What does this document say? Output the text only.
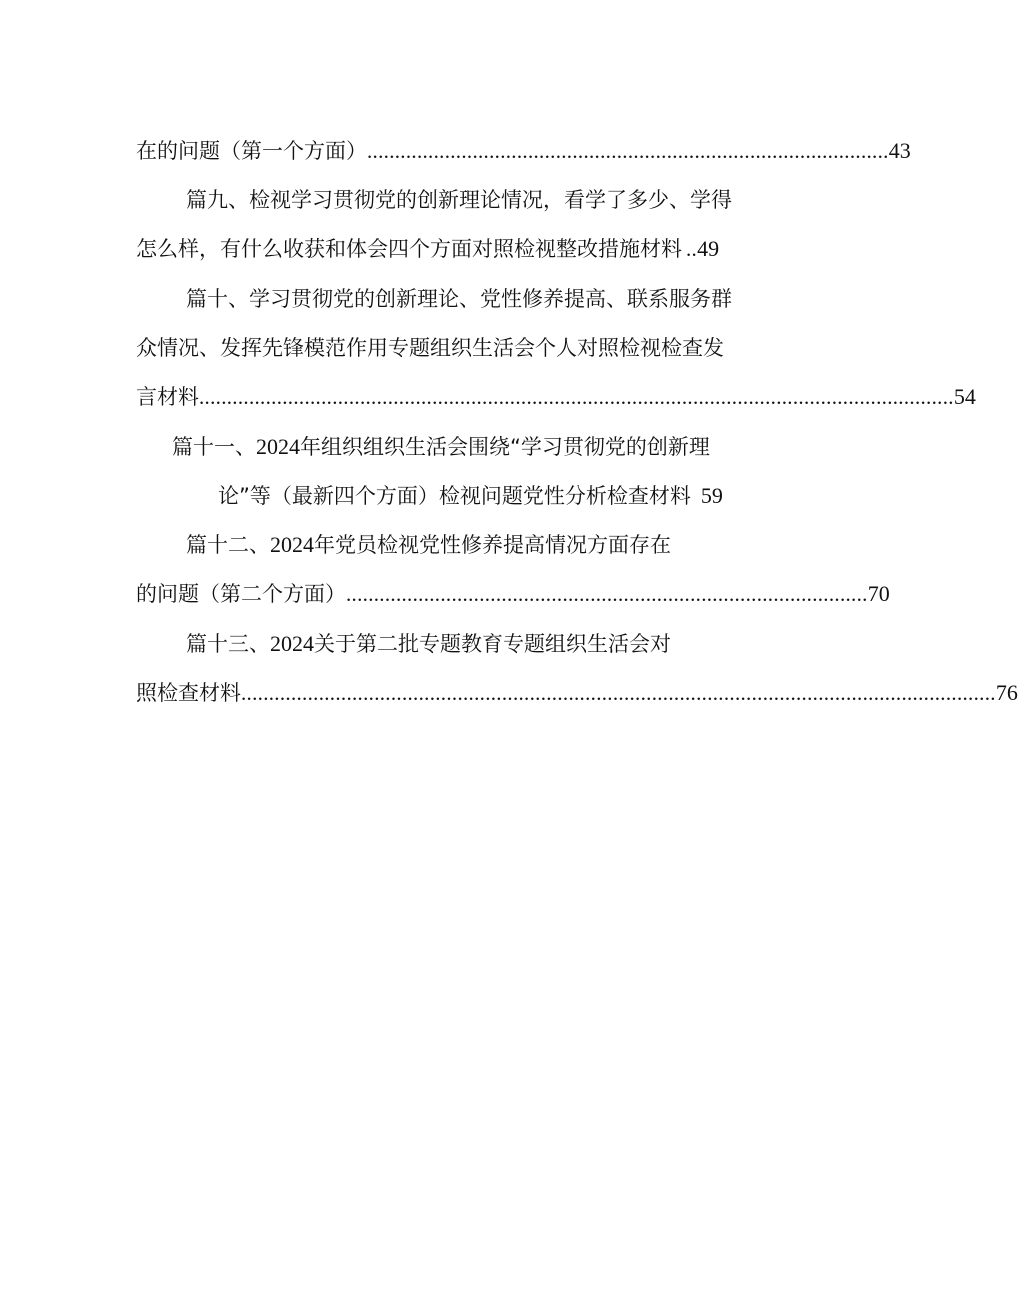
在的问题（第一个方面） .............................................................................................. 43
篇九、检视学习贯彻党的创新理论情况，看学了多少、学得
怎么样，有什么收获和体会四个方面对照检视整改措施材料 .. 49
篇十、学习贯彻党的创新理论、党性修养提高、联系服务群
众情况、发挥先锋模范作用专题组织生活会个人对照检视检查发
言材料 ........................................................................................................................................ 54
篇十一、2024年组织组织生活会围绕“学习贯彻党的创新理
论”等（最新四个方面）检视问题党性分析检查材料 59
篇十二、2024年党员检视党性修养提高情况方面存在
的问题（第二个方面） .............................................................................................. 70
篇十三、2024关于第二批专题教育专题组织生活会对
照检查材料 ........................................................................................................................................ 76
